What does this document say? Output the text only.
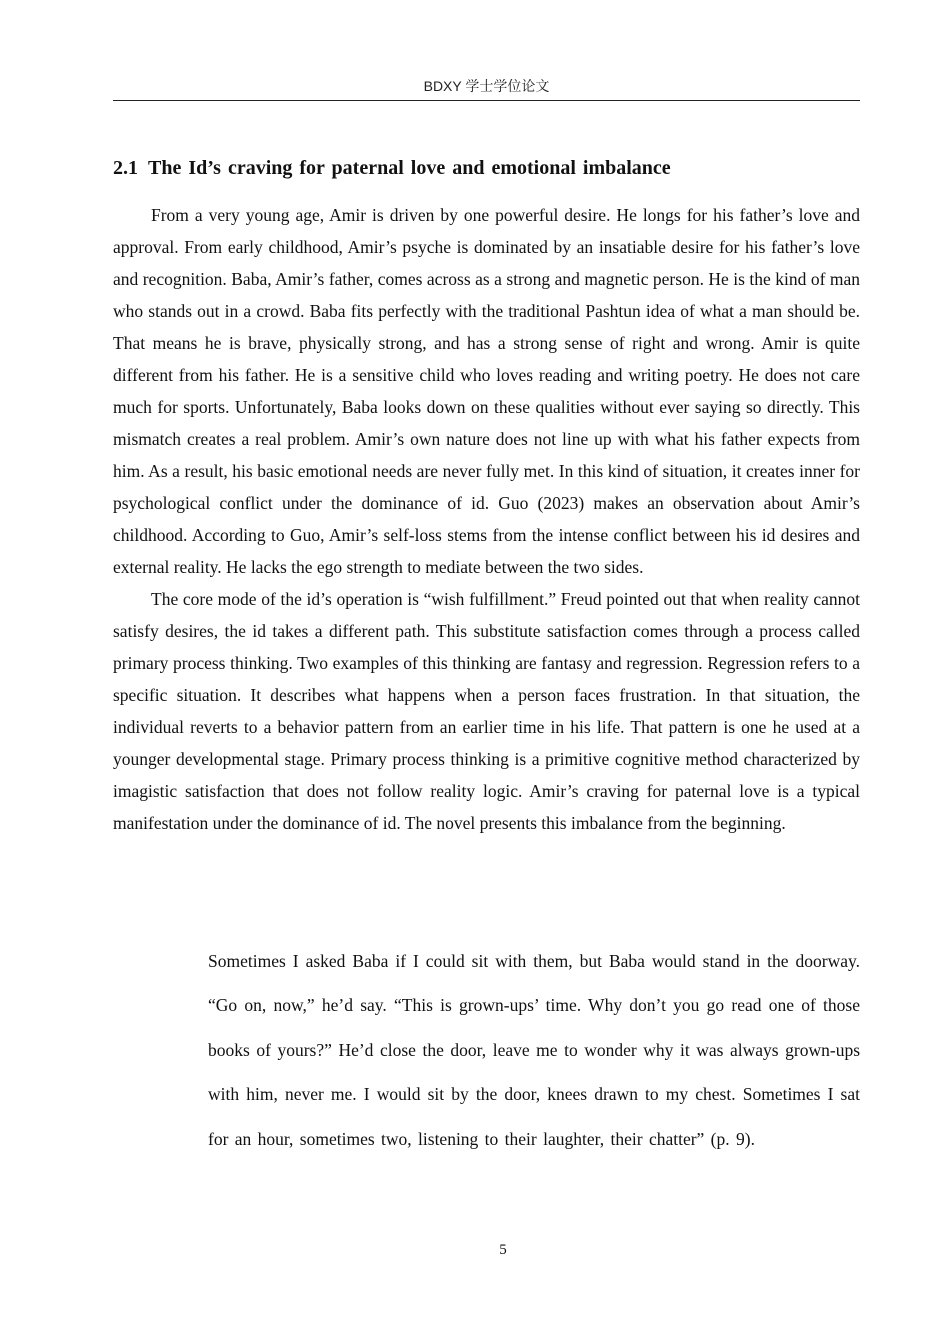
BDXY 学士学位论文
2.1 The Id’s craving for paternal love and emotional imbalance

From a very young age, Amir is driven by one powerful desire. He longs for his father’s love and approval. From early childhood, Amir’s psyche is dominated by an insatiable desire for his father’s love and recognition. Baba, Amir’s father, comes across as a strong and magnetic person. He is the kind of man who stands out in a crowd. Baba fits perfectly with the traditional Pashtun idea of what a man should be. That means he is brave, physically strong, and has a strong sense of right and wrong. Amir is quite different from his father. He is a sensitive child who loves reading and writing poetry. He does not care much for sports. Unfortunately, Baba looks down on these qualities without ever saying so directly. This mismatch creates a real problem. Amir’s own nature does not line up with what his father expects from him. As a result, his basic emotional needs are never fully met. In this kind of situation, it creates inner for psychological conflict under the dominance of id. Guo (2023) makes an observation about Amir’s childhood. According to Guo, Amir’s self-loss stems from the intense conflict between his id desires and external reality. He lacks the ego strength to mediate between the two sides.

The core mode of the id’s operation is “wish fulfillment.” Freud pointed out that when reality cannot satisfy desires, the id takes a different path. This substitute satisfaction comes through a process called primary process thinking. Two examples of this thinking are fantasy and regression. Regression refers to a specific situation. It describes what happens when a person faces frustration. In that situation, the individual reverts to a behavior pattern from an earlier time in his life. That pattern is one he used at a younger developmental stage. Primary process thinking is a primitive cognitive method characterized by imagistic satisfaction that does not follow reality logic. Amir’s craving for paternal love is a typical manifestation under the dominance of id. The novel presents this imbalance from the beginning.

Sometimes I asked Baba if I could sit with them, but Baba would stand in the doorway. “Go on, now,” he’d say. “This is grown-ups’ time. Why don’t you go read one of those books of yours?” He’d close the door, leave me to wonder why it was always grown-ups with him, never me. I would sit by the door, knees drawn to my chest. Sometimes I sat for an hour, sometimes two, listening to their laughter, their chatter” (p. 9).

5
